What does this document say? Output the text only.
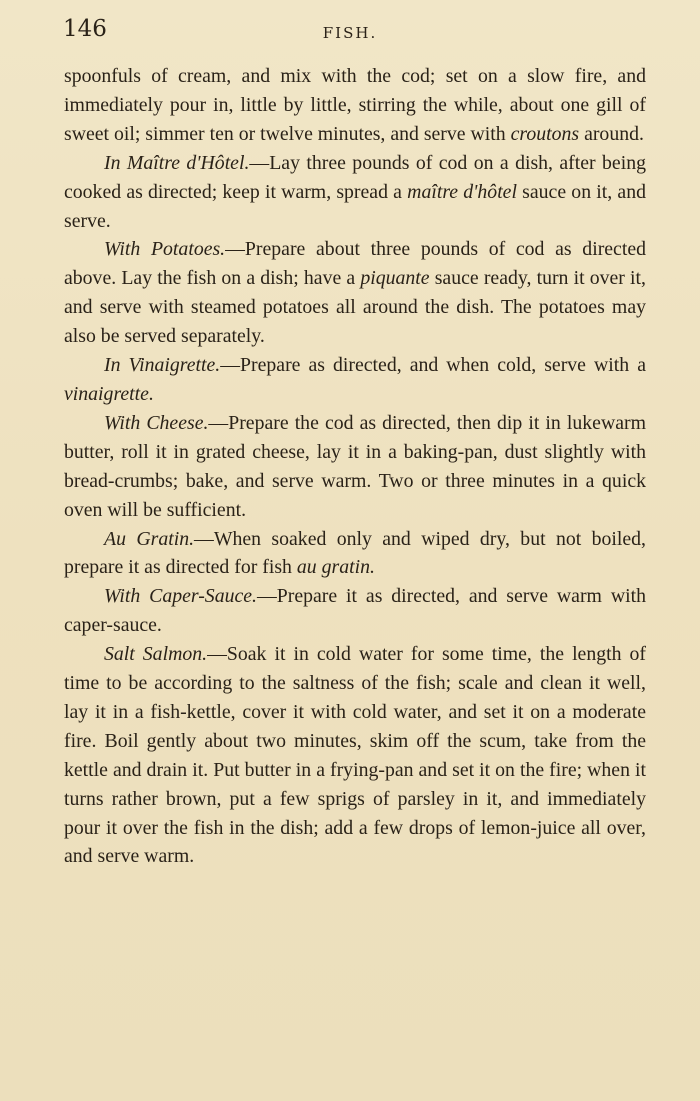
146	FISH.

spoonfuls of cream, and mix with the cod; set on a slow fire, and immediately pour in, little by little, stirring the while, about one gill of sweet oil; simmer ten or twelve minutes, and serve with croutons around.

In Maître d'Hôtel.—Lay three pounds of cod on a dish, after being cooked as directed; keep it warm, spread a maître d'hôtel sauce on it, and serve.

With Potatoes.—Prepare about three pounds of cod as directed above. Lay the fish on a dish; have a piquante sauce ready, turn it over it, and serve with steamed potatoes all around the dish. The potatoes may also be served separately.

In Vinaigrette.—Prepare as directed, and when cold, serve with a vinaigrette.

With Cheese.—Prepare the cod as directed, then dip it in lukewarm butter, roll it in grated cheese, lay it in a baking-pan, dust slightly with bread-crumbs; bake, and serve warm. Two or three minutes in a quick oven will be sufficient.

Au Gratin.—When soaked only and wiped dry, but not boiled, prepare it as directed for fish au gratin.

With Caper-Sauce.—Prepare it as directed, and serve warm with caper-sauce.

Salt Salmon.—Soak it in cold water for some time, the length of time to be according to the saltness of the fish; scale and clean it well, lay it in a fish-kettle, cover it with cold water, and set it on a moderate fire. Boil gently about two minutes, skim off the scum, take from the kettle and drain it. Put butter in a frying-pan and set it on the fire; when it turns rather brown, put a few sprigs of parsley in it, and immediately pour it over the fish in the dish; add a few drops of lemon-juice all over, and serve warm.
